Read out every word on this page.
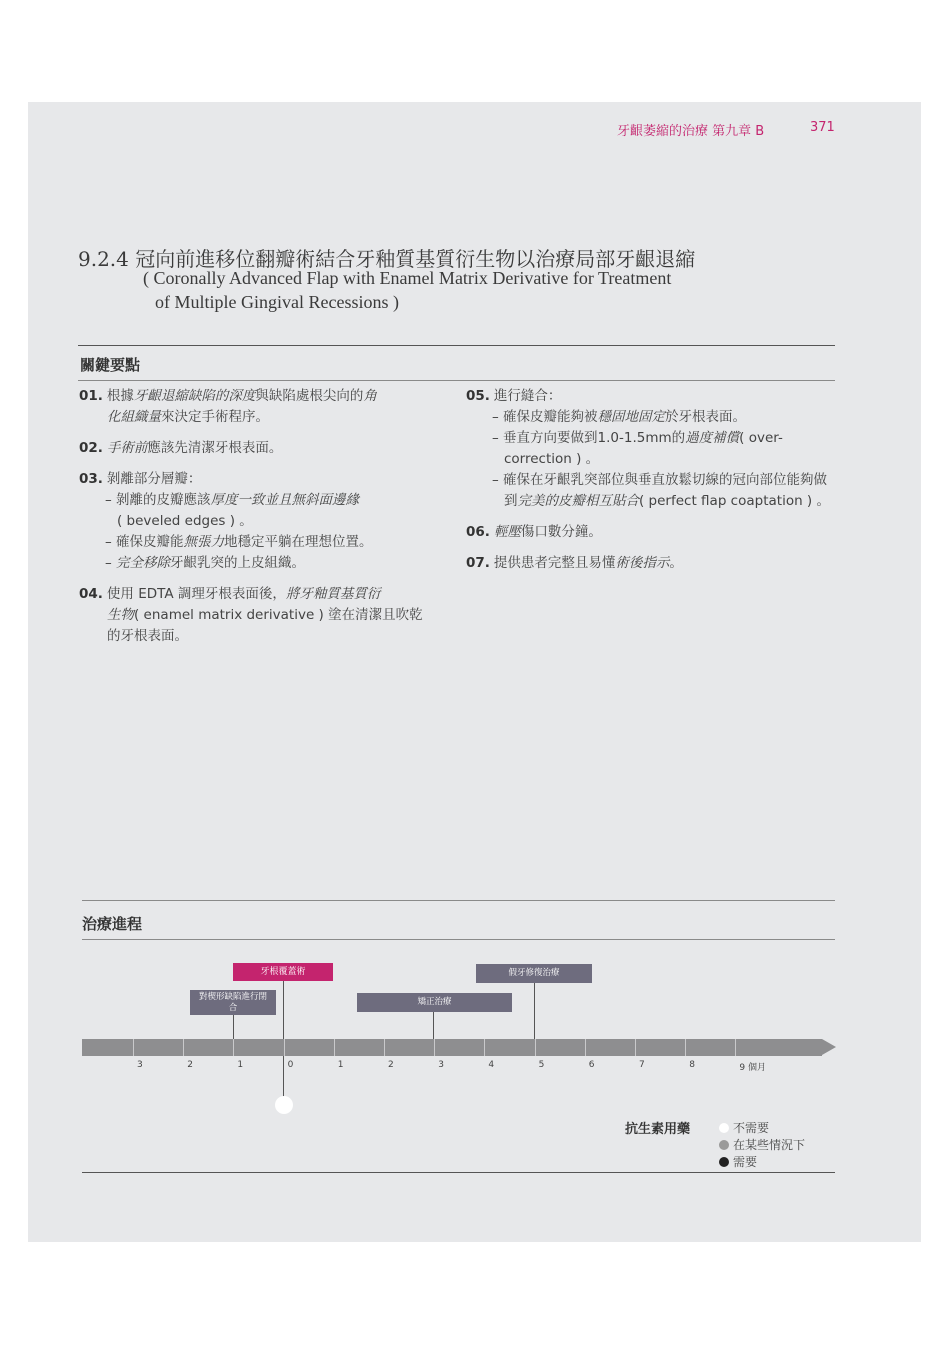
牙齦萎縮的治療 第九章 B	371
9.2.4 冠向前進移位翻瓣術結合牙釉質基質衍生物以治療局部牙齦退縮
( Coronally Advanced Flap with Enamel Matrix Derivative for Treatment
of Multiple Gingival Recessions )
關鍵要點
01. 根據牙齦退縮缺陷的深度與缺陷處根尖向的角
化組織量來決定手術程序。
02. 手術前應該先清潔牙根表面。
03. 剝離部分層瓣：
– 剝離的皮瓣應該厚度一致並且無斜面邊緣
( beveled edges ) 。
– 確保皮瓣能無張力地穩定平躺在理想位置。
– 完全移除牙齦乳突的上皮組織。
04. 使用 EDTA 調理牙根表面後，將牙釉質基質衍
生物( enamel matrix derivative ) 塗在清潔且吹乾
的牙根表面。
05. 進行縫合：
– 確保皮瓣能夠被穩固地固定於牙根表面。
– 垂直方向要做到1.0-1.5mm的過度補償( over-correction ) 。
– 確保在牙齦乳突部位與垂直放鬆切線的冠向部位能夠做到完美的皮瓣相互貼合( perfect flap coaptation ) 。
06. 輕壓傷口數分鐘。
07. 提供患者完整且易懂術後指示。
治療進程
牙根覆蓋術
對楔形缺陷進行閉合
矯正治療
假牙修復治療
3	2	1	0	1	2	3	4	5	6	7	8	9 個月
抗生素用藥	不需要
在某些情況下
需要
